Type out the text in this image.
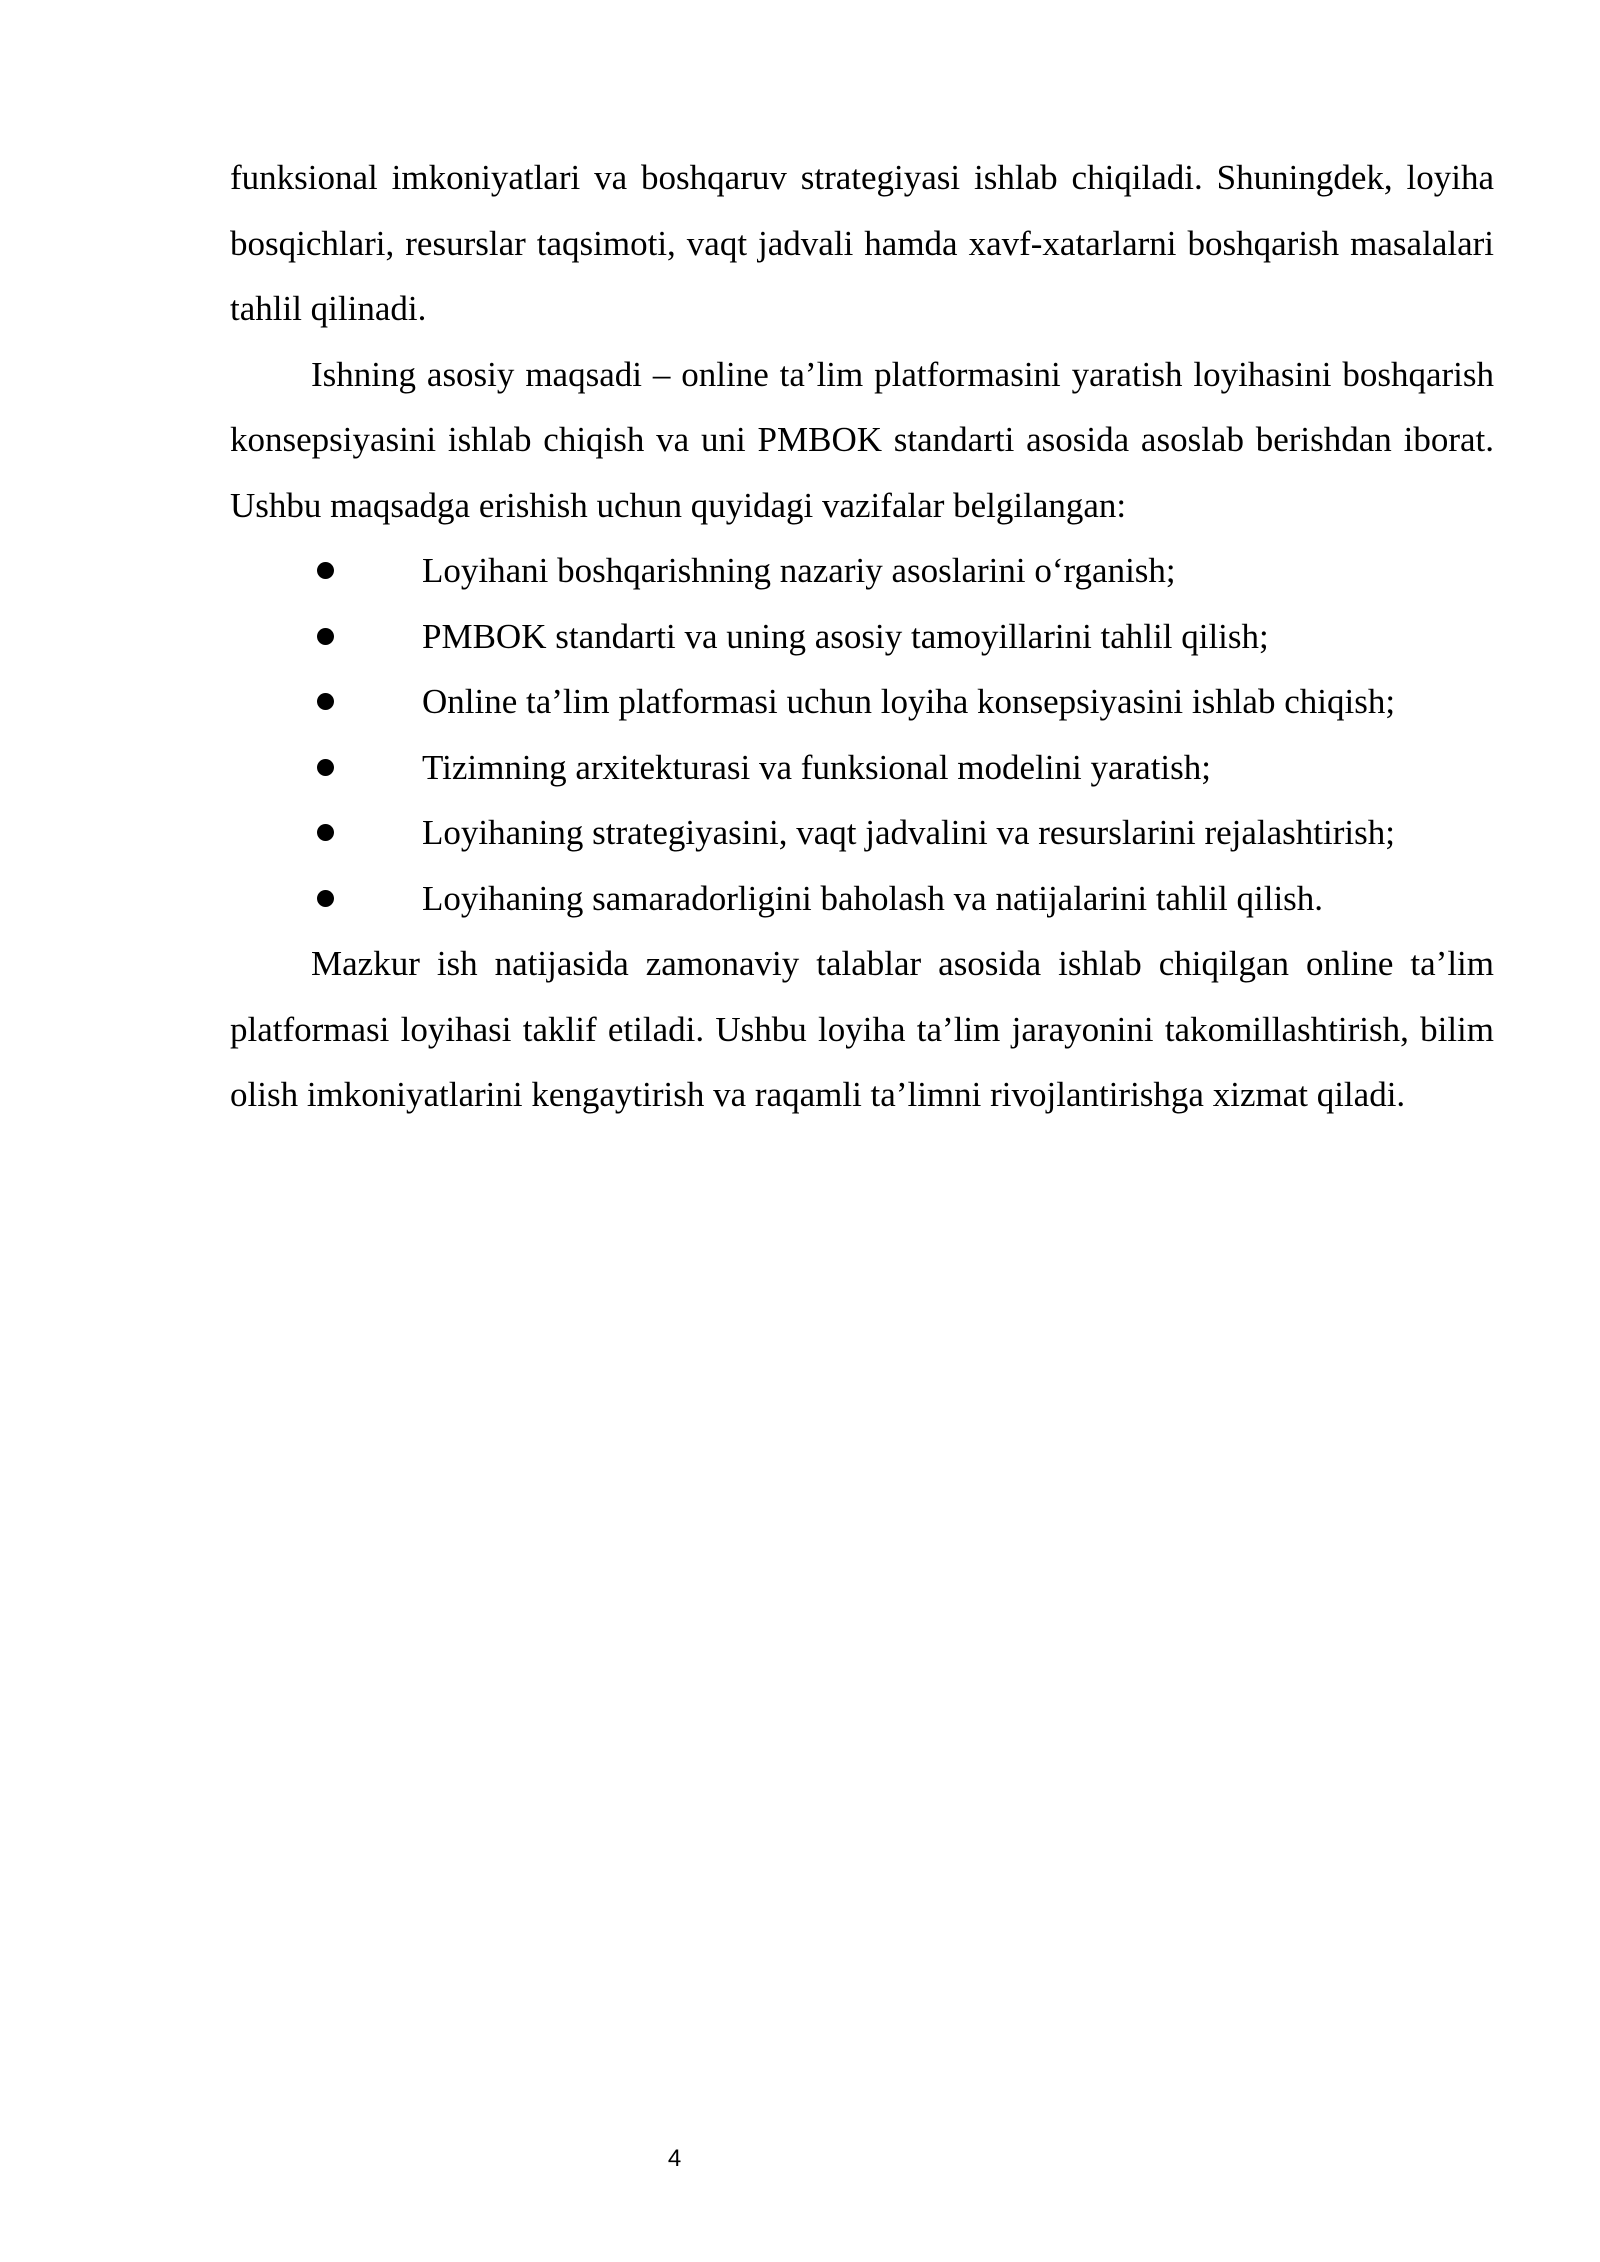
funksional imkoniyatlari va boshqaruv strategiyasi ishlab chiqiladi. Shuningdek, loyiha bosqichlari, resurslar taqsimoti, vaqt jadvali hamda xavf-xatarlarni boshqarish masalalari tahlil qilinadi.

Ishning asosiy maqsadi – online ta’lim platformasini yaratish loyihasini boshqarish konsepsiyasini ishlab chiqish va uni PMBOK standarti asosida asoslab berishdan iborat. Ushbu maqsadga erishish uchun quyidagi vazifalar belgilangan:

Loyihani boshqarishning nazariy asoslarini o‘rganish;
PMBOK standarti va uning asosiy tamoyillarini tahlil qilish;
Online ta’lim platformasi uchun loyiha konsepsiyasini ishlab chiqish;
Tizimning arxitekturasi va funksional modelini yaratish;
Loyihaning strategiyasini, vaqt jadvalini va resurslarini rejalashtirish;
Loyihaning samaradorligini baholash va natijalarini tahlil qilish.

Mazkur ish natijasida zamonaviy talablar asosida ishlab chiqilgan online ta’lim platformasi loyihasi taklif etiladi. Ushbu loyiha ta’lim jarayonini takomillashtirish, bilim olish imkoniyatlarini kengaytirish va raqamli ta’limni rivojlantirishga xizmat qiladi.

4
